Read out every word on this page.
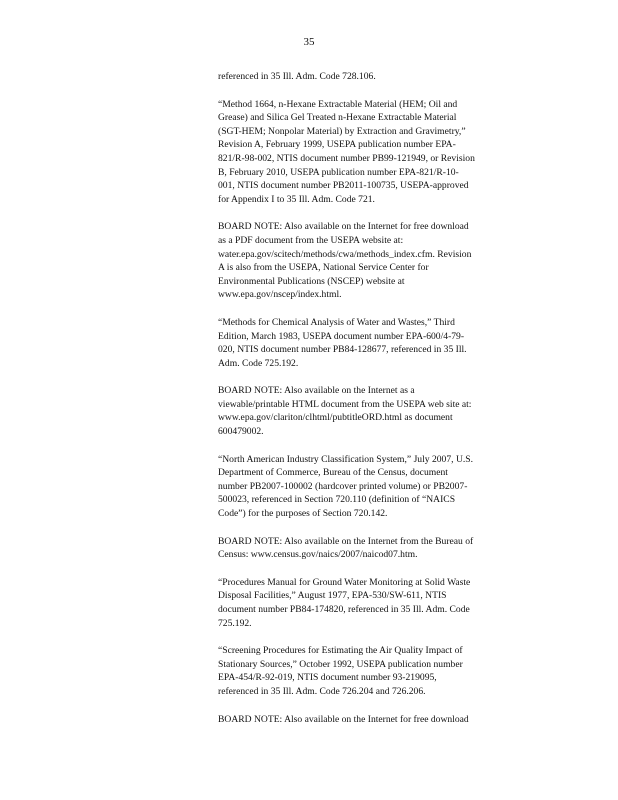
35

referenced in 35 Ill. Adm. Code 728.106.

“Method 1664, n-Hexane Extractable Material (HEM; Oil and
Grease) and Silica Gel Treated n-Hexane Extractable Material
(SGT-HEM; Nonpolar Material) by Extraction and Gravimetry,”
Revision A, February 1999, USEPA publication number EPA-
821/R-98-002, NTIS document number PB99-121949, or Revision
B, February 2010, USEPA publication number EPA-821/R-10-
001, NTIS document number PB2011-100735, USEPA-approved
for Appendix I to 35 Ill. Adm. Code 721.

BOARD NOTE: Also available on the Internet for free download
as a PDF document from the USEPA website at:
water.epa.gov/scitech/methods/cwa/methods_index.cfm. Revision
A is also from the USEPA, National Service Center for
Environmental Publications (NSCEP) website at
www.epa.gov/nscep/index.html.

“Methods for Chemical Analysis of Water and Wastes,” Third
Edition, March 1983, USEPA document number EPA-600/4-79-
020, NTIS document number PB84-128677, referenced in 35 Ill.
Adm. Code 725.192.

BOARD NOTE: Also available on the Internet as a
viewable/printable HTML document from the USEPA web site at:
www.epa.gov/clariton/clhtml/pubtitleORD.html as document
600479002.

“North American Industry Classification System,” July 2007, U.S.
Department of Commerce, Bureau of the Census, document
number PB2007-100002 (hardcover printed volume) or PB2007-
500023, referenced in Section 720.110 (definition of “NAICS
Code”) for the purposes of Section 720.142.

BOARD NOTE: Also available on the Internet from the Bureau of
Census: www.census.gov/naics/2007/naicod07.htm.

“Procedures Manual for Ground Water Monitoring at Solid Waste
Disposal Facilities,” August 1977, EPA-530/SW-611, NTIS
document number PB84-174820, referenced in 35 Ill. Adm. Code
725.192.

“Screening Procedures for Estimating the Air Quality Impact of
Stationary Sources,” October 1992, USEPA publication number
EPA-454/R-92-019, NTIS document number 93-219095,
referenced in 35 Ill. Adm. Code 726.204 and 726.206.

BOARD NOTE: Also available on the Internet for free download
